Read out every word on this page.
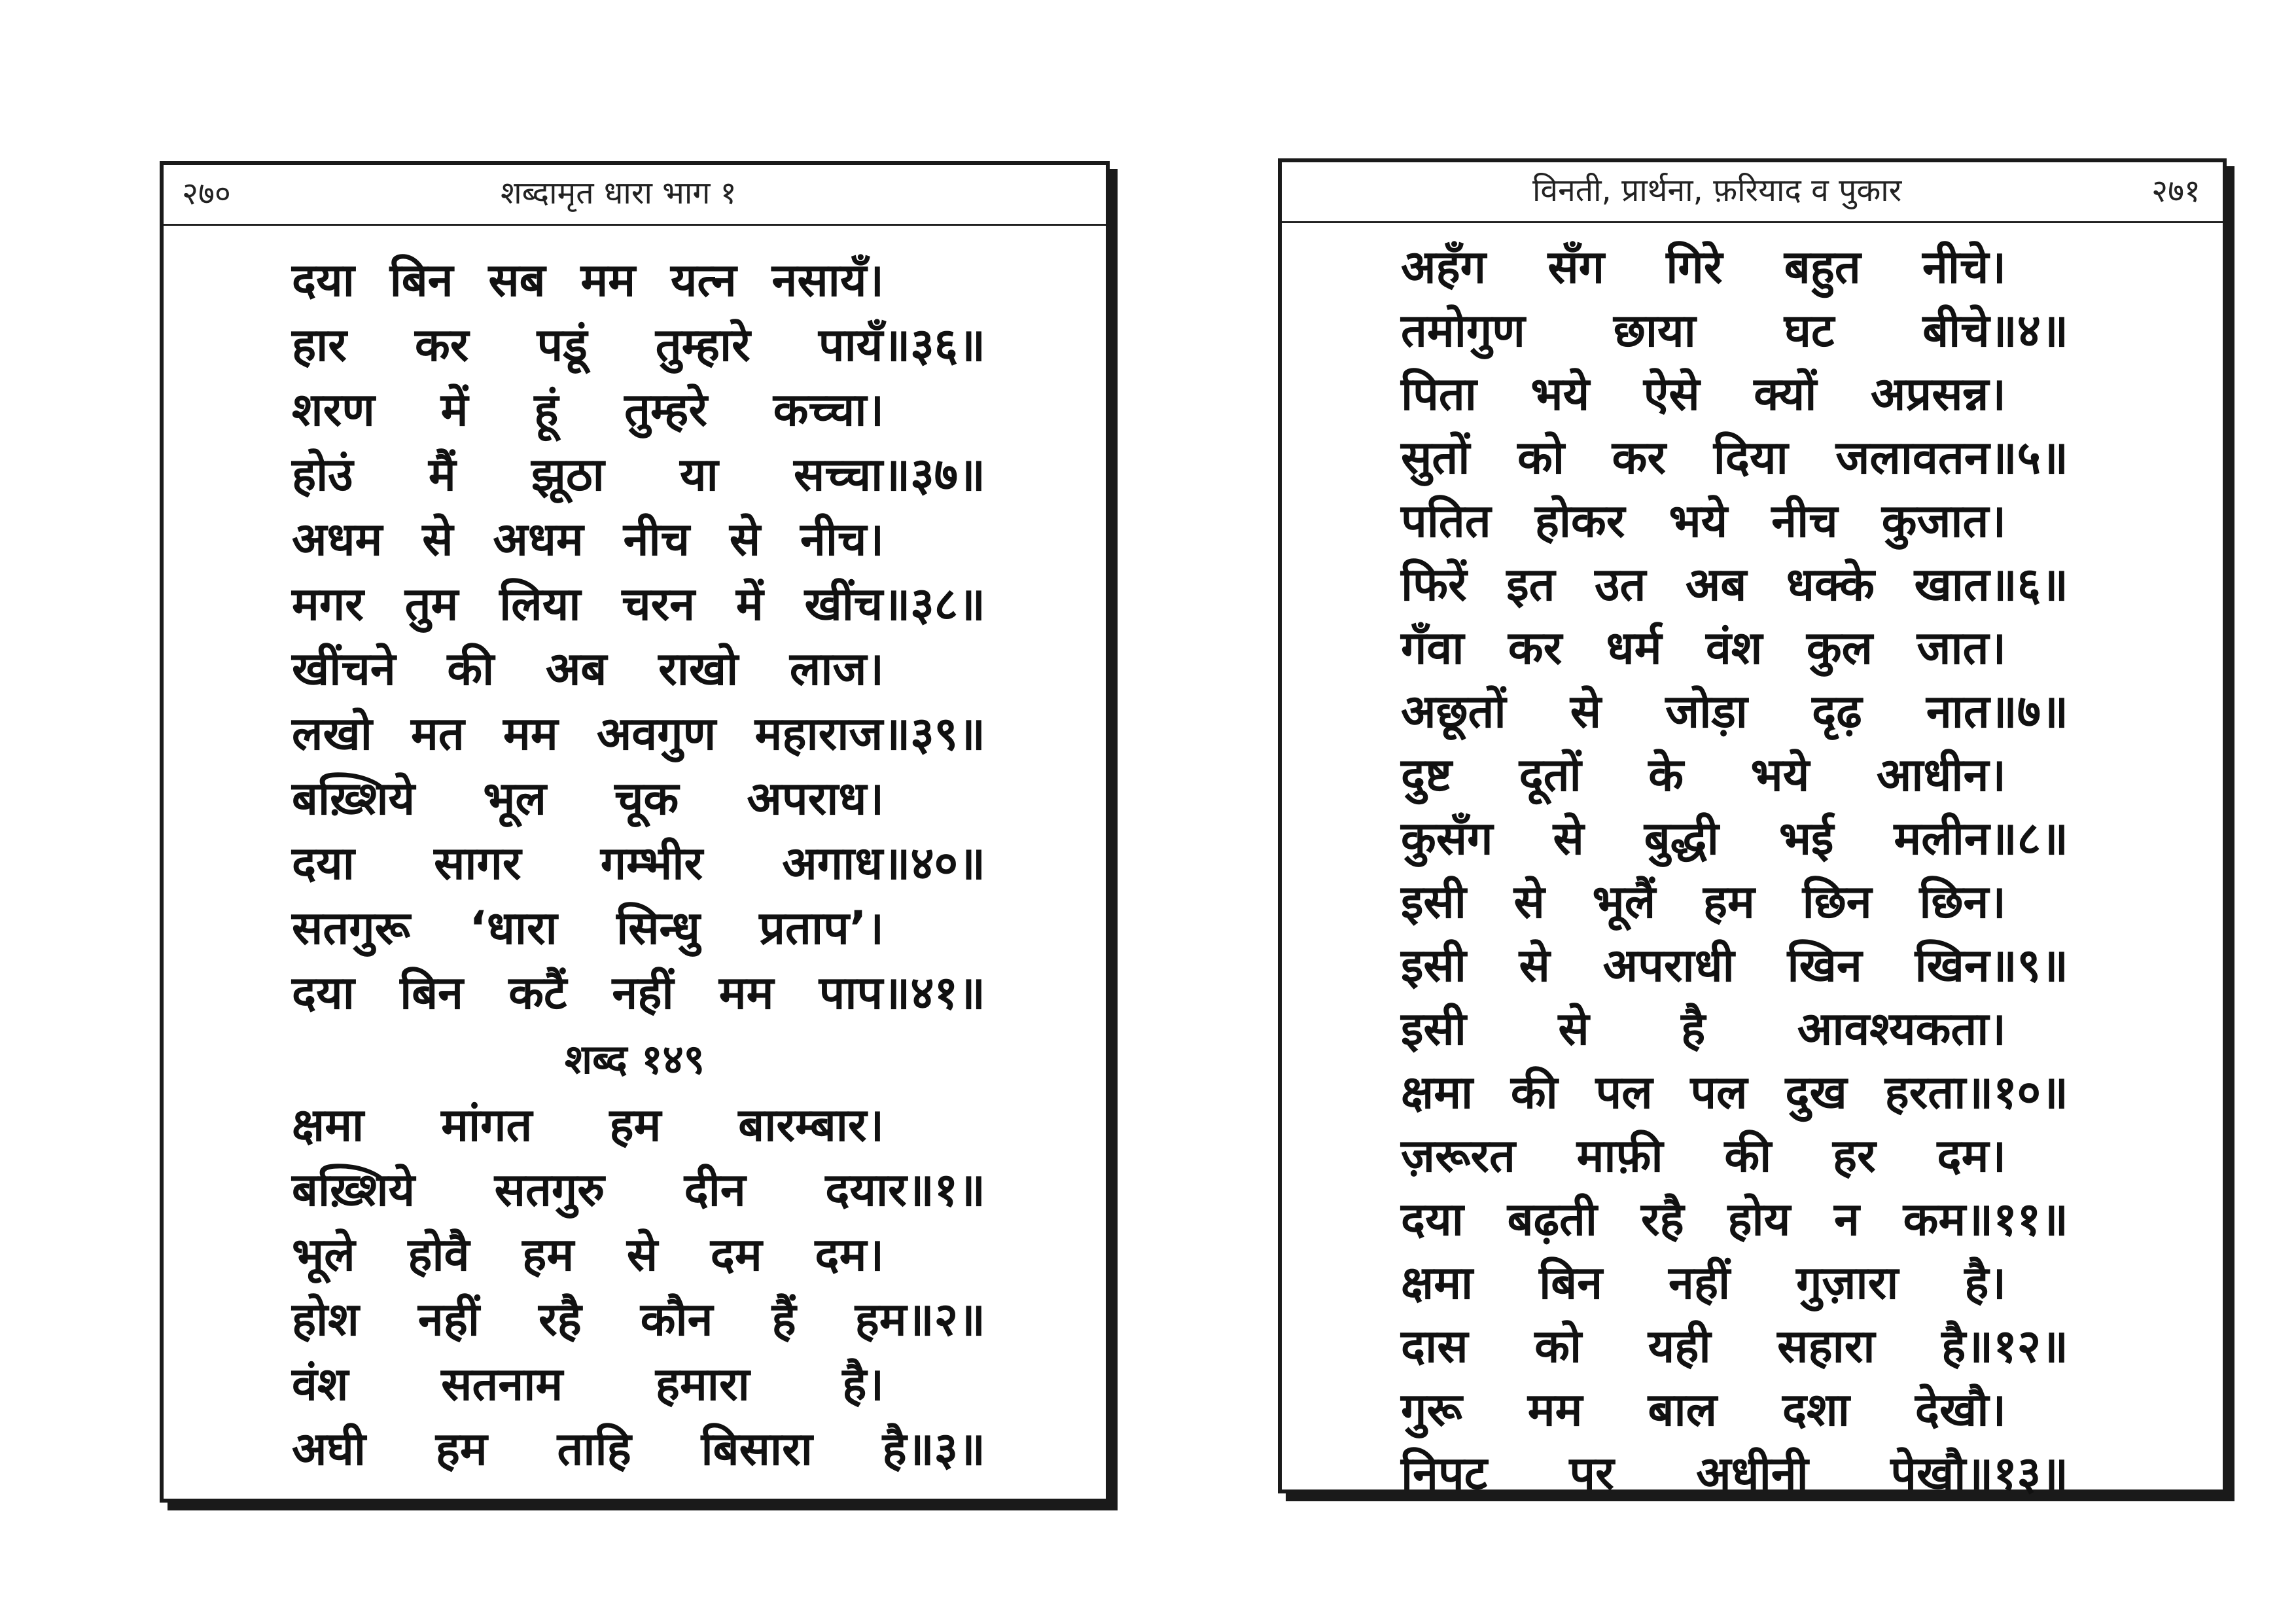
२७०	शब्दामृत धारा भाग १

दया बिन सब मम यत्न नसायँ।

हार कर पडूं तुम्हारे पायँ॥३६॥

शरण में हूं तुम्हरे कच्चा।

होउं मैं झूठा या सच्चा॥३७॥

अधम से अधम नीच से नीच।

मगर तुम लिया चरन में खींच॥३८॥

खींचने की अब राखो लाज।

लखो मत मम अवगुण महाराज॥३९॥

बख़्शिये भूल चूक अपराध।

दया सागर गम्भीर अगाध॥४०॥

सतगुरू ‘धारा सिन्धु प्रताप’।

दया बिन कटैं नहीं मम पाप॥४१॥

शब्द १४९

क्षमा मांगत हम बारम्बार।

बख़्शिये सतगुरु दीन दयार॥१॥

भूले होवै हम से दम दम।

होश नहीं रहै कौन हैं हम॥२॥

वंश सतनाम हमारा है।

अघी हम ताहि बिसारा है॥३॥

विनती, प्रार्थना, फ़रियाद व पुकार	२७१

अहँग सँग गिरे बहुत नीचे।

तमोगुण छाया घट बीचे॥४॥

पिता भये ऐसे क्यों अप्रसन्न।

सुतों को कर दिया जलावतन॥५॥

पतित होकर भये नीच कुजात।

फिरें इत उत अब धक्के खात॥६॥

गँवा कर धर्म वंश कुल जात।

अछूतों से जोड़ा दृढ़ नात॥७॥

दुष्ट दूतों के भये आधीन।

कुसँग से बुद्धी भई मलीन॥८॥

इसी से भूलैं हम छिन छिन।

इसी से अपराधी खिन खिन॥९॥

इसी से है आवश्यकता।

क्षमा की पल पल दुख हरता॥१०॥

ज़रूरत माफ़ी की हर दम।

दया बढ़ती रहै होय न कम॥११॥

क्षमा बिन नहीं गुज़ारा है।

दास को यही सहारा है॥१२॥

गुरू मम बाल दशा देखौ।

निपट पर अधीनी पेखौ॥१३॥
